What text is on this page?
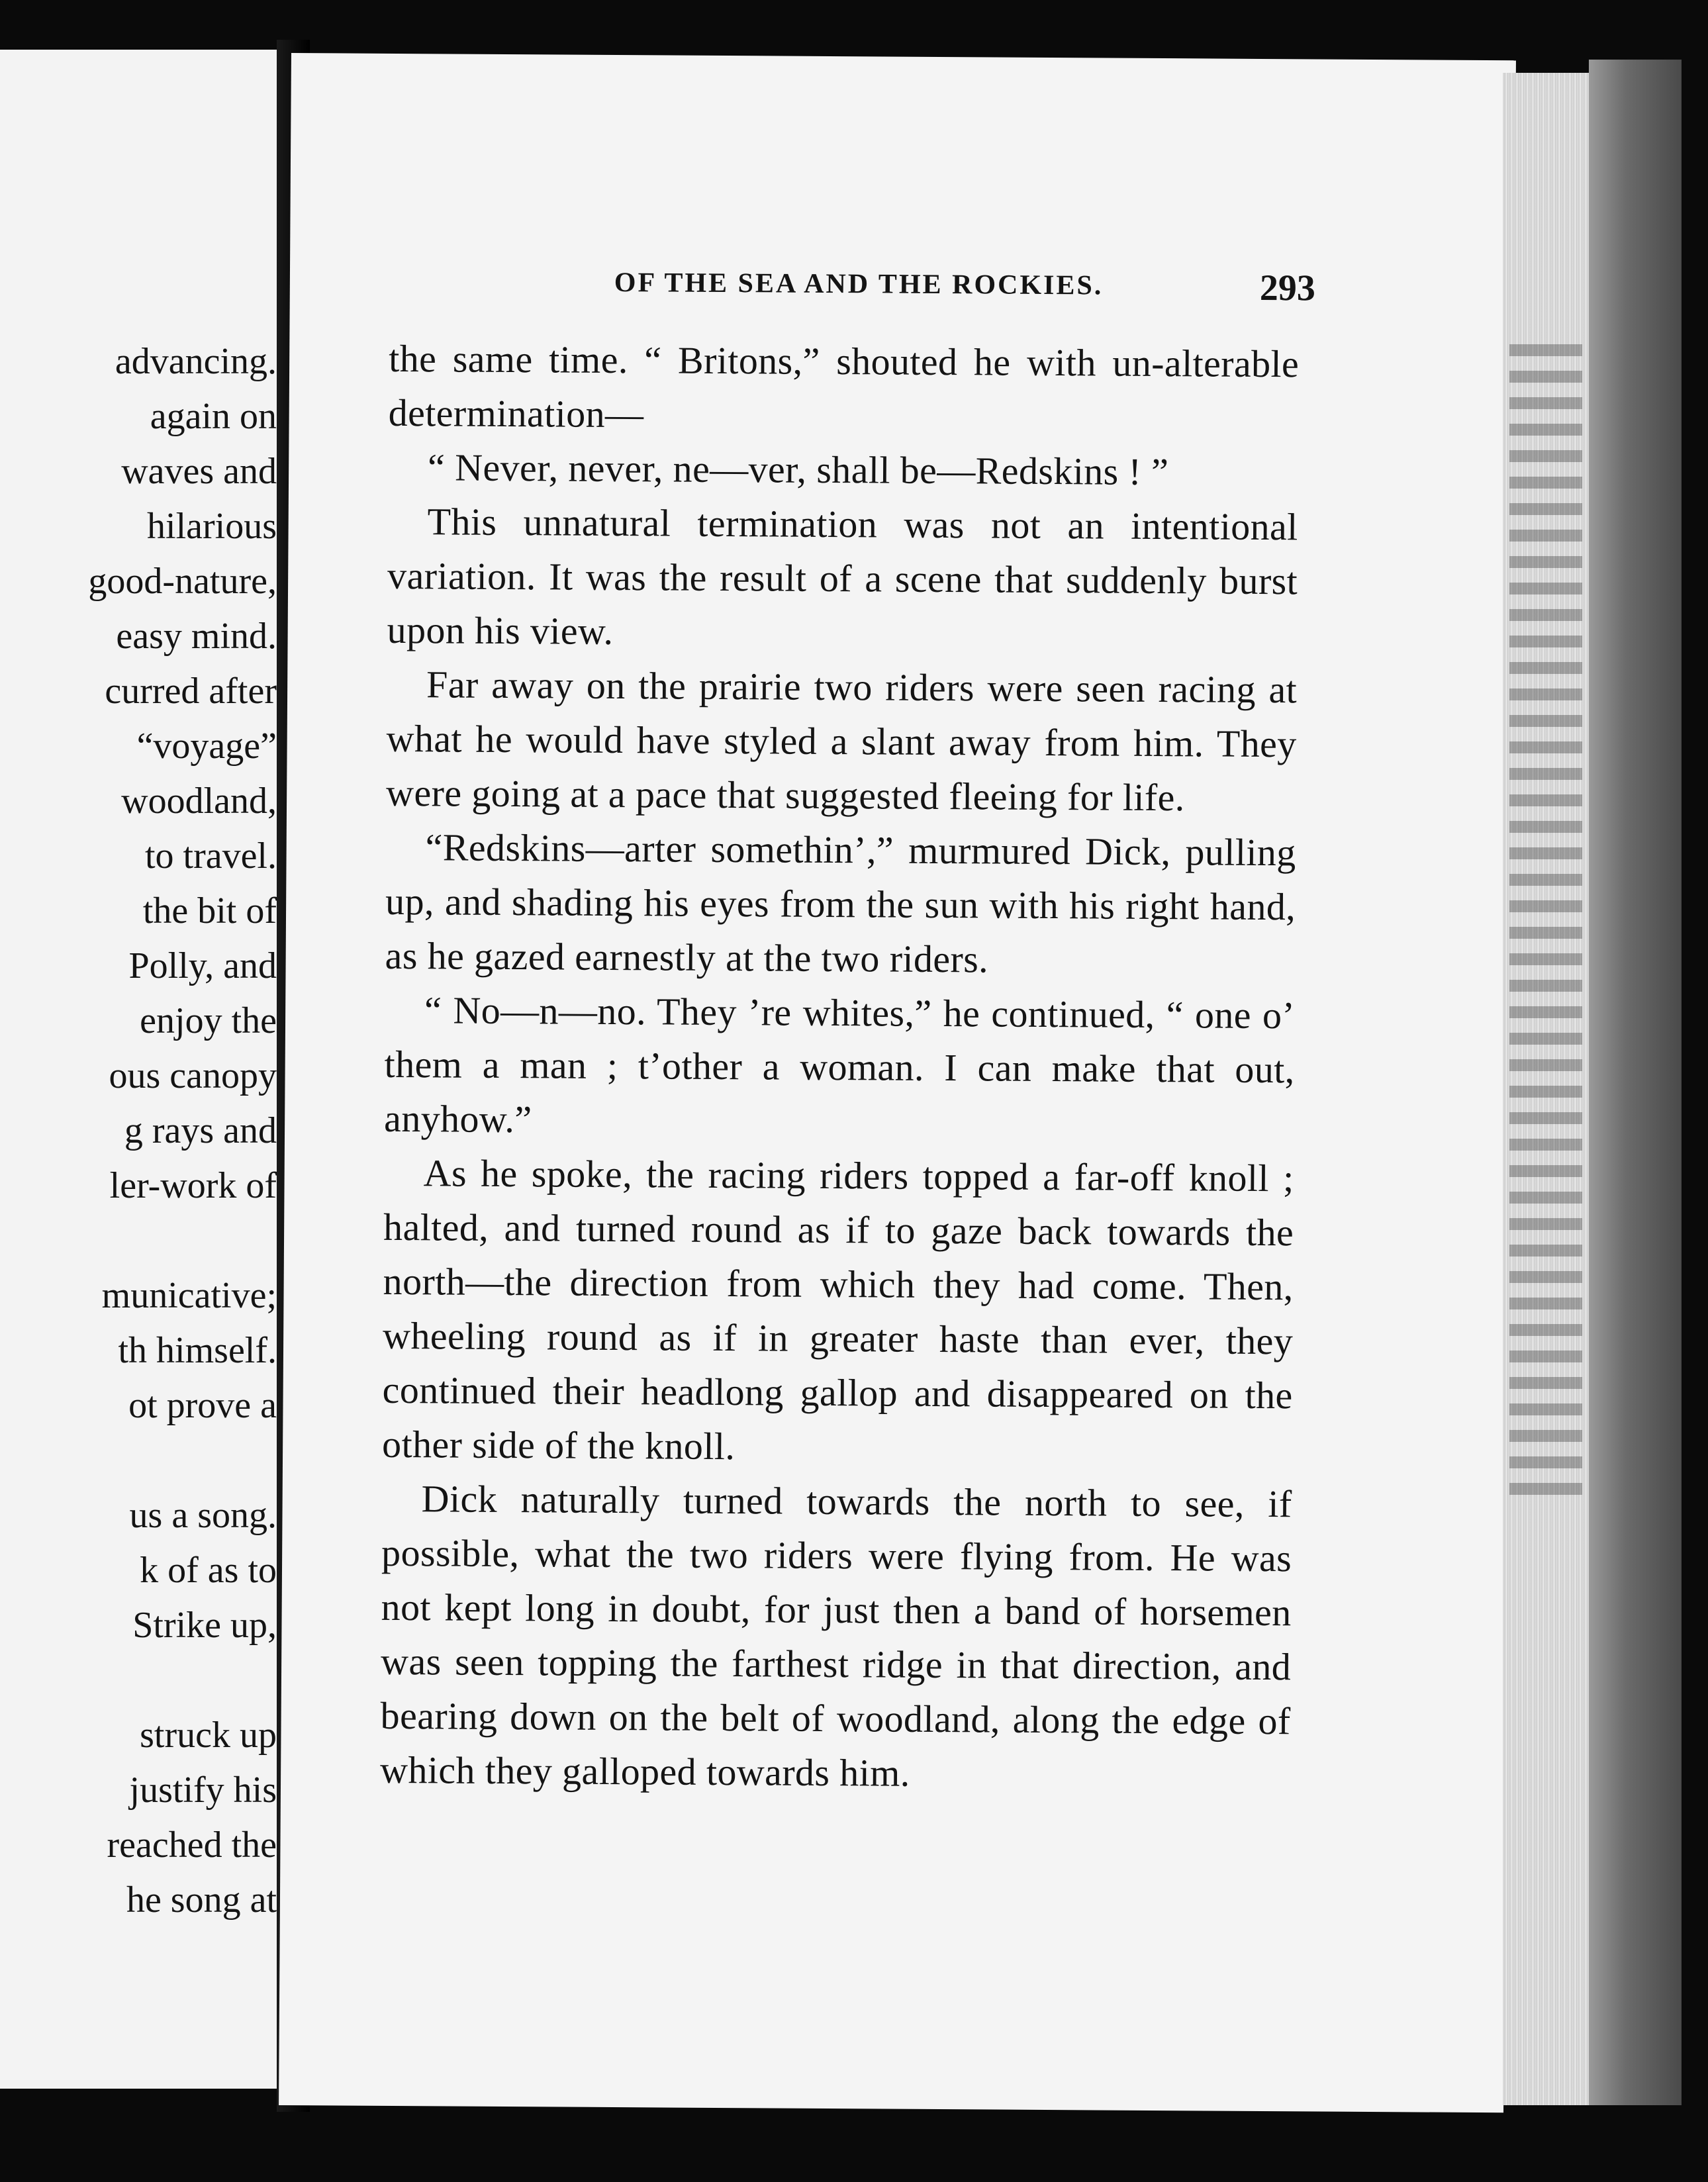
advancing.
again on
waves and
hilarious
good-nature,
easy mind.
curred after
“voyage”
woodland,
to travel.
the bit of
Polly, and
enjoy the
ous canopy
g rays and
ler-work of
municative;
th himself.
ot prove a
us a song.
k of as to
Strike up,
struck up
justify his
reached the
he song at
OF THE SEA AND THE ROCKIES.	293

the same time. “ Britons,” shouted he with un-alterable determination—

“ Never, never, ne—ver, shall be—Redskins ! ”

This unnatural termination was not an intentional variation. It was the result of a scene that suddenly burst upon his view.

Far away on the prairie two riders were seen racing at what he would have styled a slant away from him. They were going at a pace that suggested fleeing for life.

“Redskins—arter somethin’,” murmured Dick, pulling up, and shading his eyes from the sun with his right hand, as he gazed earnestly at the two riders.

“ No—n—no. They ’re whites,” he continued, “ one o’ them a man ; t’other a woman. I can make that out, anyhow.”

As he spoke, the racing riders topped a far-off knoll ; halted, and turned round as if to gaze back towards the north—the direction from which they had come. Then, wheeling round as if in greater haste than ever, they continued their headlong gallop and disappeared on the other side of the knoll.

Dick naturally turned towards the north to see, if possible, what the two riders were flying from. He was not kept long in doubt, for just then a band of horsemen was seen topping the farthest ridge in that direction, and bearing down on the belt of woodland, along the edge of which they galloped towards him.
